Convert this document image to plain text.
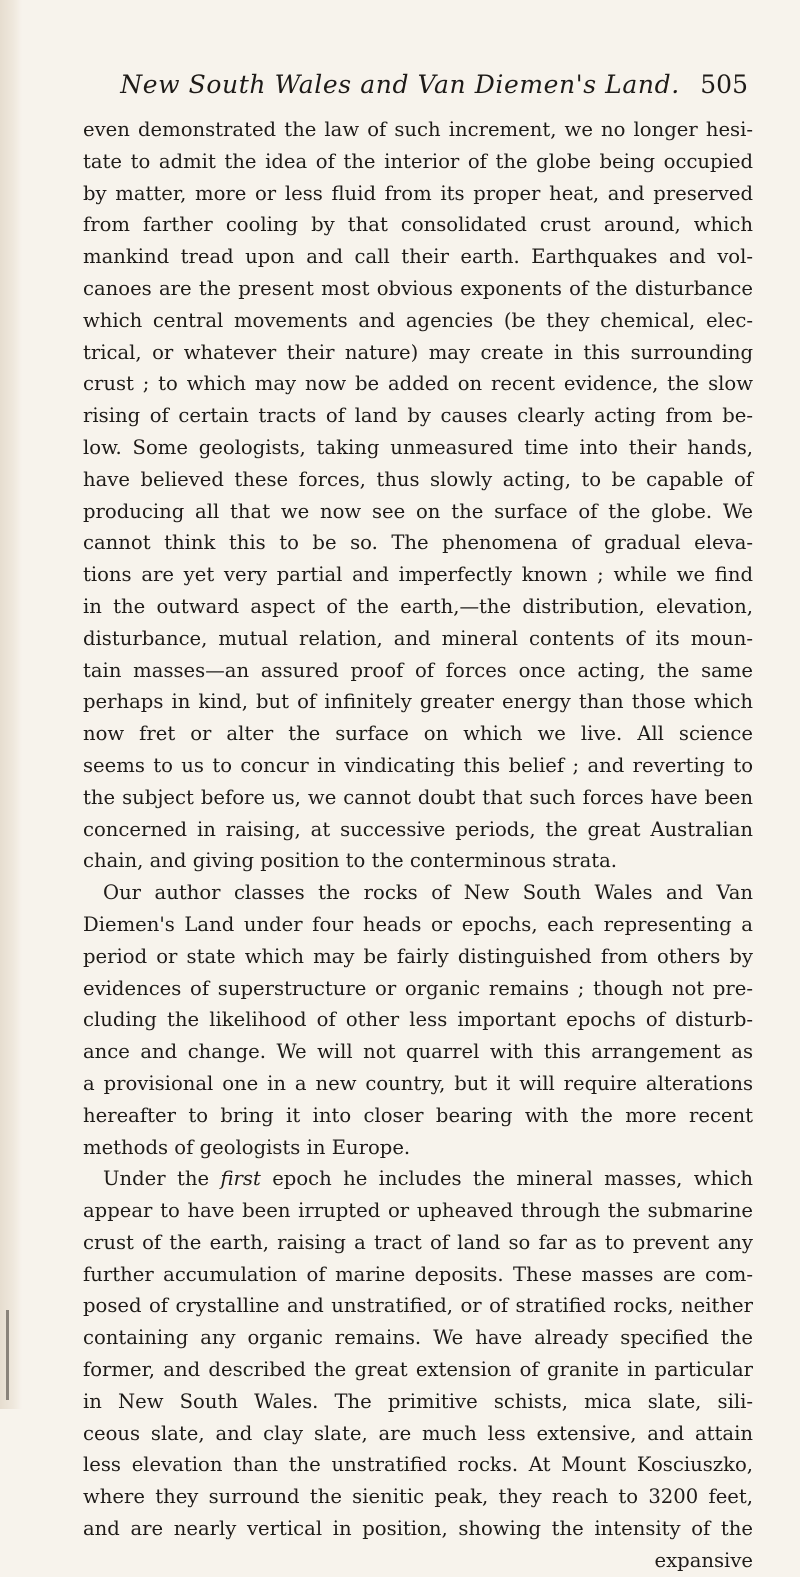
New South Wales and Van Diemen's Land. 505
even demonstrated the law of such increment, we no longer hesi-
tate to admit the idea of the interior of the globe being occupied
by matter, more or less fluid from its proper heat, and preserved
from farther cooling by that consolidated crust around, which
mankind tread upon and call their earth. Earthquakes and vol-
canoes are the present most obvious exponents of the disturbance
which central movements and agencies (be they chemical, elec-
trical, or whatever their nature) may create in this surrounding
crust ; to which may now be added on recent evidence, the slow
rising of certain tracts of land by causes clearly acting from be-
low. Some geologists, taking unmeasured time into their hands,
have believed these forces, thus slowly acting, to be capable of
producing all that we now see on the surface of the globe. We
cannot think this to be so. The phenomena of gradual eleva-
tions are yet very partial and imperfectly known ; while we find
in the outward aspect of the earth,—the distribution, elevation,
disturbance, mutual relation, and mineral contents of its moun-
tain masses—an assured proof of forces once acting, the same
perhaps in kind, but of infinitely greater energy than those which
now fret or alter the surface on which we live. All science
seems to us to concur in vindicating this belief ; and reverting to
the subject before us, we cannot doubt that such forces have been
concerned in raising, at successive periods, the great Australian
chain, and giving position to the conterminous strata.
Our author classes the rocks of New South Wales and Van
Diemen's Land under four heads or epochs, each representing a
period or state which may be fairly distinguished from others by
evidences of superstructure or organic remains ; though not pre-
cluding the likelihood of other less important epochs of disturb-
ance and change. We will not quarrel with this arrangement as
a provisional one in a new country, but it will require alterations
hereafter to bring it into closer bearing with the more recent
methods of geologists in Europe.
Under the first epoch he includes the mineral masses, which
appear to have been irrupted or upheaved through the submarine
crust of the earth, raising a tract of land so far as to prevent any
further accumulation of marine deposits. These masses are com-
posed of crystalline and unstratified, or of stratified rocks, neither
containing any organic remains. We have already specified the
former, and described the great extension of granite in particular
in New South Wales. The primitive schists, mica slate, sili-
ceous slate, and clay slate, are much less extensive, and attain
less elevation than the unstratified rocks. At Mount Kosciuszko,
where they surround the sienitic peak, they reach to 3200 feet,
and are nearly vertical in position, showing the intensity of the
expansive
